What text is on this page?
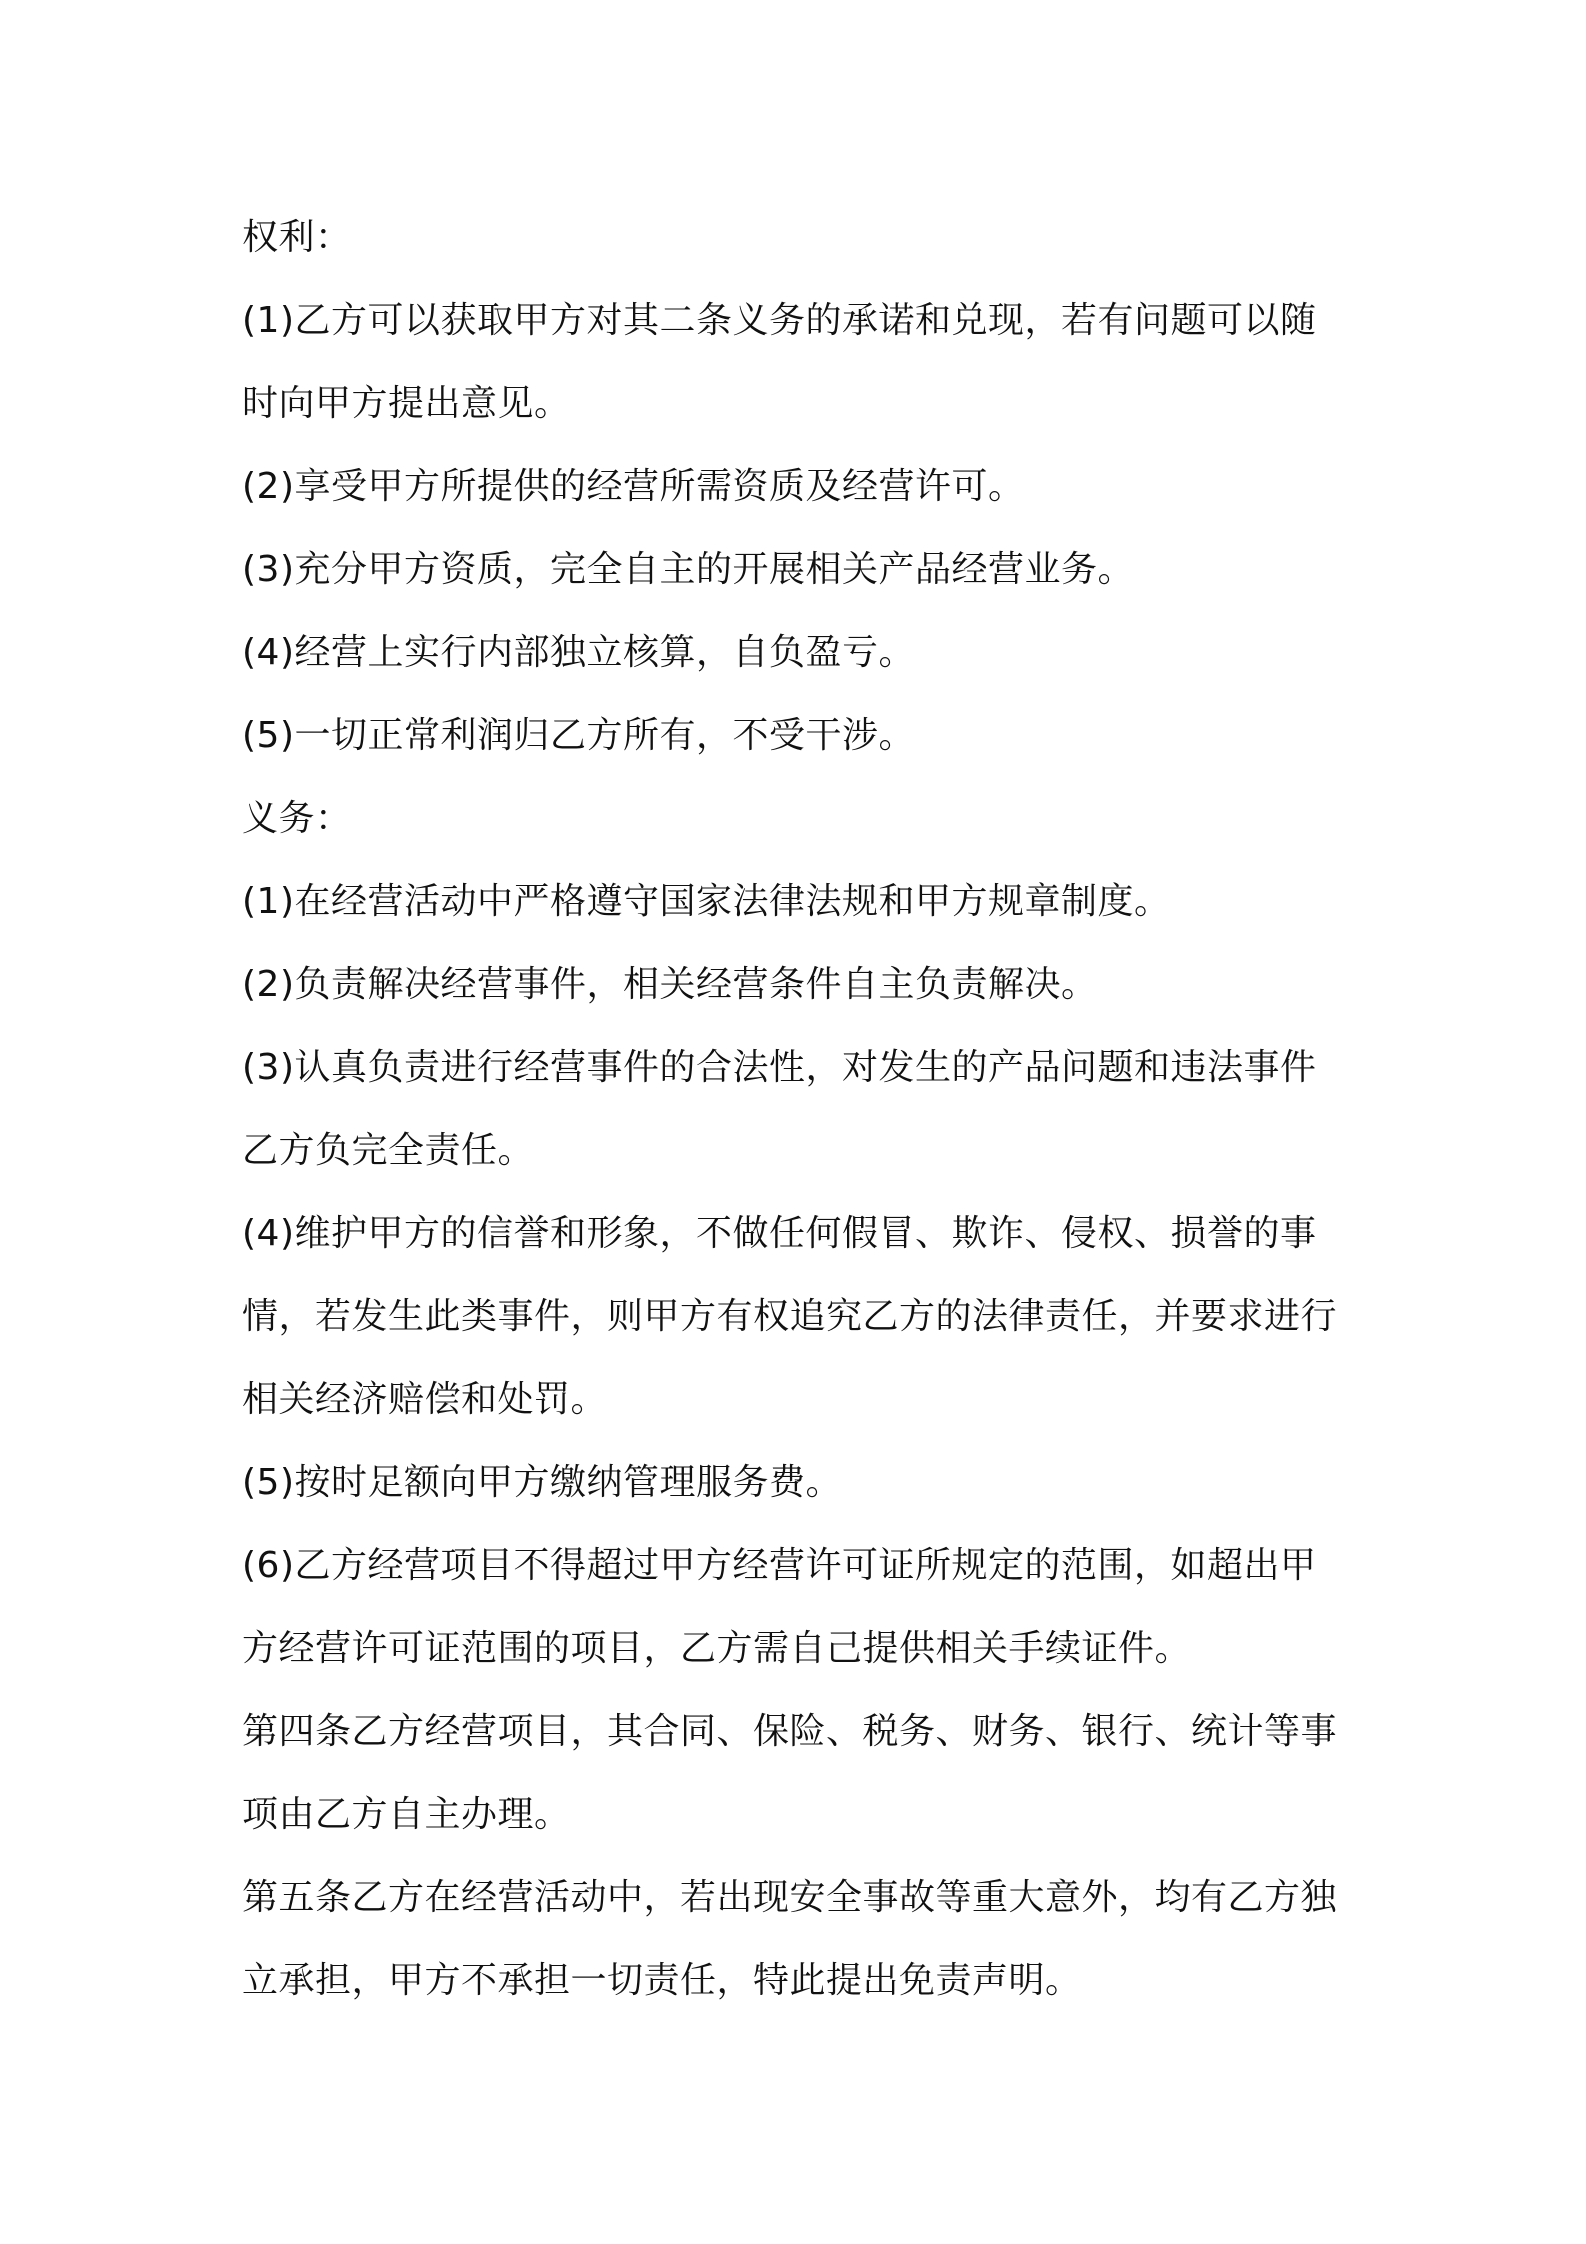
权利：

(1)乙方可以获取甲方对其二条义务的承诺和兑现，若有问题可以随
时向甲方提出意见。

(2)享受甲方所提供的经营所需资质及经营许可。

(3)充分甲方资质，完全自主的开展相关产品经营业务。

(4)经营上实行内部独立核算，自负盈亏。

(5)一切正常利润归乙方所有，不受干涉。

义务：

(1)在经营活动中严格遵守国家法律法规和甲方规章制度。

(2)负责解决经营事件，相关经营条件自主负责解决。

(3)认真负责进行经营事件的合法性，对发生的产品问题和违法事件
乙方负完全责任。

(4)维护甲方的信誉和形象，不做任何假冒、欺诈、侵权、损誉的事
情，若发生此类事件，则甲方有权追究乙方的法律责任，并要求进行
相关经济赔偿和处罚。

(5)按时足额向甲方缴纳管理服务费。

(6)乙方经营项目不得超过甲方经营许可证所规定的范围，如超出甲
方经营许可证范围的项目，乙方需自己提供相关手续证件。

第四条乙方经营项目，其合同、保险、税务、财务、银行、统计等事
项由乙方自主办理。

第五条乙方在经营活动中，若出现安全事故等重大意外，均有乙方独
立承担，甲方不承担一切责任，特此提出免责声明。
